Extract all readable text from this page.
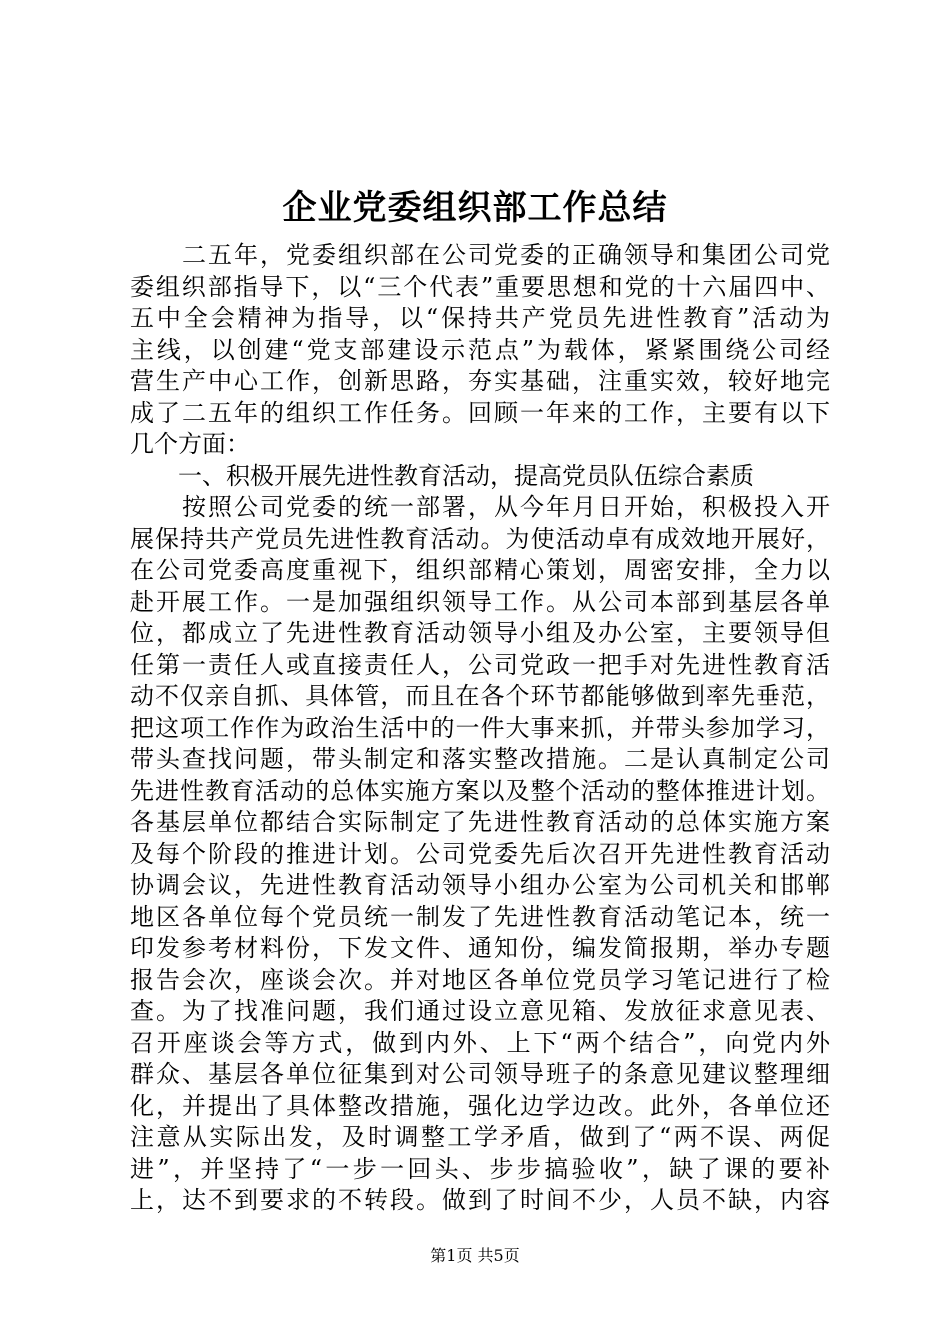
企业党委组织部工作总结
　　二五年，党委组织部在公司党委的正确领导和集团公司党
委组织部指导下，以“三个代表”重要思想和党的十六届四中、
五中全会精神为指导，以“保持共产党员先进性教育”活动为
主线，以创建“党支部建设示范点”为载体，紧紧围绕公司经
营生产中心工作，创新思路，夯实基础，注重实效，较好地完
成了二五年的组织工作任务。回顾一年来的工作，主要有以下
几个方面：
　　一、积极开展先进性教育活动，提高党员队伍综合素质
　　按照公司党委的统一部署，从今年月日开始，积极投入开
展保持共产党员先进性教育活动。为使活动卓有成效地开展好，
在公司党委高度重视下，组织部精心策划，周密安排，全力以
赴开展工作。一是加强组织领导工作。从公司本部到基层各单
位，都成立了先进性教育活动领导小组及办公室，主要领导但
任第一责任人或直接责任人，公司党政一把手对先进性教育活
动不仅亲自抓、具体管，而且在各个环节都能够做到率先垂范，
把这项工作作为政治生活中的一件大事来抓，并带头参加学习，
带头查找问题，带头制定和落实整改措施。二是认真制定公司
先进性教育活动的总体实施方案以及整个活动的整体推进计划。
各基层单位都结合实际制定了先进性教育活动的总体实施方案
及每个阶段的推进计划。公司党委先后次召开先进性教育活动
协调会议，先进性教育活动领导小组办公室为公司机关和邯郸
地区各单位每个党员统一制发了先进性教育活动笔记本，统一
印发参考材料份，下发文件、通知份，编发简报期，举办专题
报告会次，座谈会次。并对地区各单位党员学习笔记进行了检
查。为了找准问题，我们通过设立意见箱、发放征求意见表、
召开座谈会等方式，做到内外、上下“两个结合”，向党内外
群众、基层各单位征集到对公司领导班子的条意见建议整理细
化，并提出了具体整改措施，强化边学边改。此外，各单位还
注意从实际出发，及时调整工学矛盾，做到了“两不误、两促
进”，并坚持了“一步一回头、步步搞验收”，缺了课的要补
上，达不到要求的不转段。做到了时间不少，人员不缺，内容
第1页 共5页
